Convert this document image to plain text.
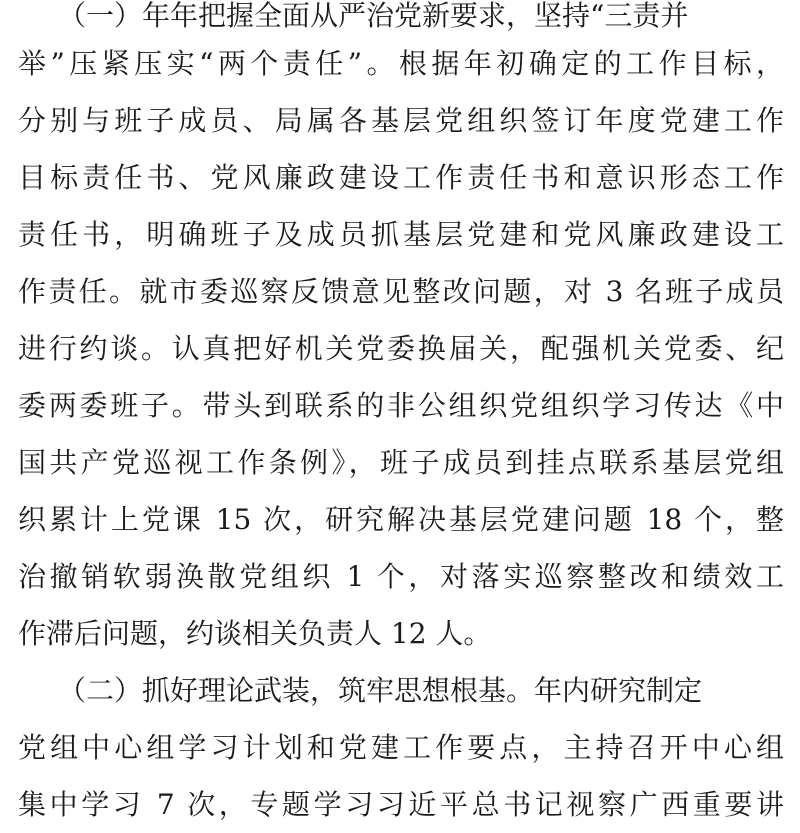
（一）年年把握全面从严治党新要求，坚持“三责并
举”压紧压实“两个责任”。根据年初确定的工作目标，
分别与班子成员、局属各基层党组织签订年度党建工作
目标责任书、党风廉政建设工作责任书和意识形态工作
责任书，明确班子及成员抓基层党建和党风廉政建设工
作责任。就市委巡察反馈意见整改问题，对 3 名班子成员
进行约谈。认真把好机关党委换届关，配强机关党委、纪
委两委班子。带头到联系的非公组织党组织学习传达《中
国共产党巡视工作条例》，班子成员到挂点联系基层党组
织累计上党课 15 次，研究解决基层党建问题 18 个，整
治撤销软弱涣散党组织 1 个，对落实巡察整改和绩效工
作滞后问题，约谈相关负责人 12 人。
（二）抓好理论武装，筑牢思想根基。年内研究制定
党组中心组学习计划和党建工作要点，主持召开中心组
集中学习 7 次，专题学习习近平总书记视察广西重要讲
